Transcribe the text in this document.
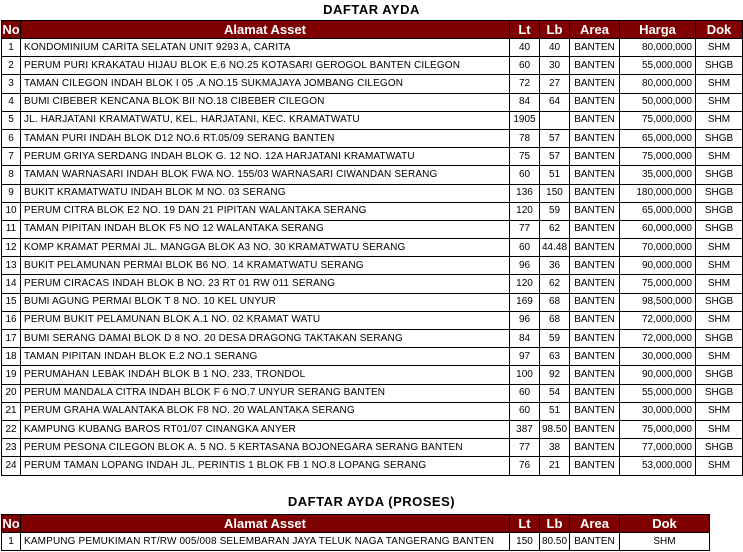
DAFTAR AYDA
No	Alamat Asset	Lt	Lb	Area	Harga	Dok
1	KONDOMINIUM CARITA SELATAN UNIT 9293 A, CARITA	40	40	BANTEN	80,000,000	SHM
2	PERUM PURI KRAKATAU HIJAU BLOK E.6 NO.25 KOTASARI GEROGOL BANTEN CILEGON	60	30	BANTEN	55,000,000	SHGB
3	TAMAN CILEGON INDAH BLOK I 05 .A NO.15 SUKMAJAYA JOMBANG CILEGON	72	27	BANTEN	80,000,000	SHM
4	BUMI CIBEBER KENCANA BLOK BII NO.18 CIBEBER CILEGON	84	64	BANTEN	50,000,000	SHM
5	JL. HARJATANI KRAMATWATU, KEL. HARJATANI, KEC. KRAMATWATU	1905		BANTEN	75,000,000	SHM
6	TAMAN PURI INDAH BLOK D12 NO.6 RT.05/09 SERANG BANTEN	78	57	BANTEN	65,000,000	SHGB
7	PERUM GRIYA SERDANG INDAH BLOK G. 12 NO. 12A HARJATANI KRAMATWATU	75	57	BANTEN	75,000,000	SHM
8	TAMAN WARNASARI INDAH BLOK FWA NO. 155/03 WARNASARI CIWANDAN SERANG	60	51	BANTEN	35,000,000	SHGB
9	BUKIT KRAMATWATU INDAH BLOK M NO. 03 SERANG	136	150	BANTEN	180,000,000	SHGB
10	PERUM CITRA BLOK E2 NO. 19 DAN 21 PIPITAN WALANTAKA SERANG	120	59	BANTEN	65,000,000	SHGB
11	TAMAN PIPITAN INDAH BLOK F5 NO 12 WALANTAKA SERANG	77	62	BANTEN	60,000,000	SHGB
12	KOMP KRAMAT PERMAI JL. MANGGA BLOK A3 NO. 30 KRAMATWATU SERANG	60	44.48	BANTEN	70,000,000	SHM
13	BUKIT PELAMUNAN PERMAI BLOK B6 NO. 14 KRAMATWATU SERANG	96	36	BANTEN	90,000,000	SHM
14	PERUM CIRACAS INDAH BLOK B NO. 23 RT 01 RW 011 SERANG	120	62	BANTEN	75,000,000	SHM
15	BUMI AGUNG PERMAI BLOK T 8 NO. 10 KEL UNYUR	169	68	BANTEN	98,500,000	SHGB
16	PERUM BUKIT PELAMUNAN BLOK A.1 NO. 02 KRAMAT WATU	96	68	BANTEN	72,000,000	SHM
17	BUMI SERANG DAMAI BLOK D 8 NO. 20 DESA DRAGONG TAKTAKAN SERANG	84	59	BANTEN	72,000,000	SHGB
18	TAMAN PIPITAN INDAH BLOK E.2 NO.1 SERANG	97	63	BANTEN	30,000,000	SHM
19	PERUMAHAN LEBAK INDAH BLOK B 1 NO. 233, TRONDOL	100	92	BANTEN	90,000,000	SHGB
20	PERUM MANDALA CITRA INDAH BLOK F 6 NO.7 UNYUR SERANG BANTEN	60	54	BANTEN	55,000,000	SHGB
21	PERUM GRAHA WALANTAKA BLOK F8 NO. 20 WALANTAKA SERANG	60	51	BANTEN	30,000,000	SHM
22	KAMPUNG KUBANG BAROS RT01/07 CINANGKA ANYER	387	98.50	BANTEN	75,000,000	SHM
23	PERUM PESONA CILEGON BLOK A. 5 NO. 5 KERTASANA BOJONEGARA SERANG BANTEN	77	38	BANTEN	77,000,000	SHGB
24	PERUM TAMAN LOPANG INDAH JL. PERINTIS 1 BLOK FB 1 NO.8 LOPANG SERANG	76	21	BANTEN	53,000,000	SHM
DAFTAR AYDA (PROSES)
No	Alamat Asset	Lt	Lb	Area	Dok
1	KAMPUNG PEMUKIMAN RT/RW 005/008 SELEMBARAN JAYA TELUK NAGA TANGERANG BANTEN	150	80.50	BANTEN	SHM
